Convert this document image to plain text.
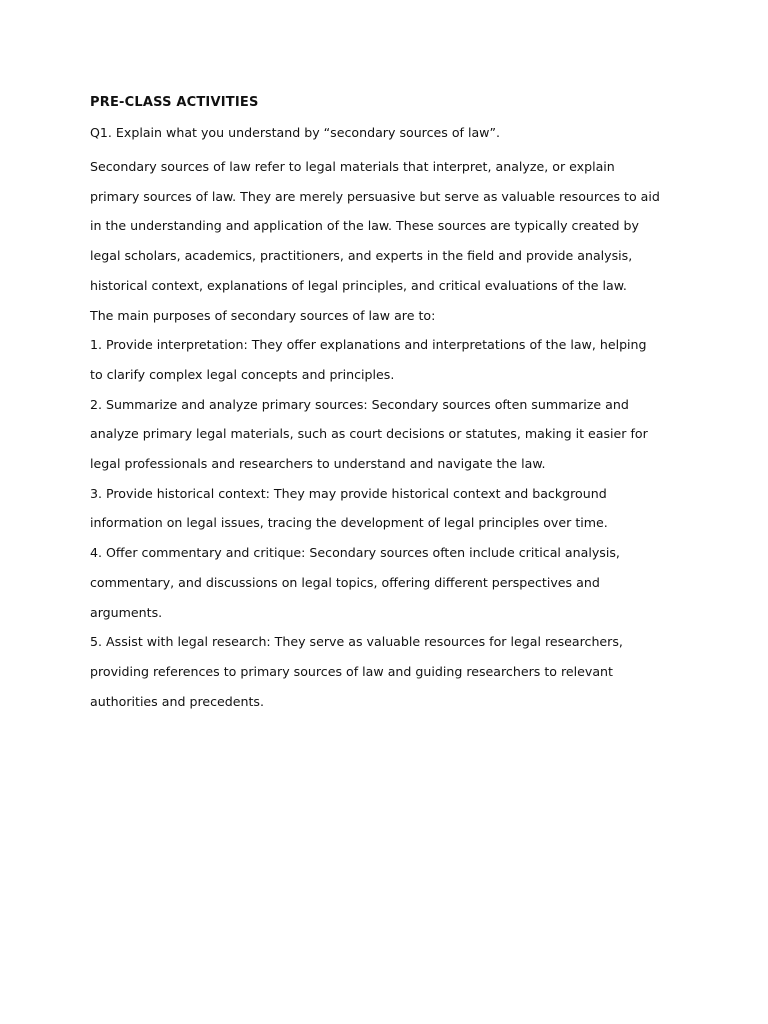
PRE-CLASS ACTIVITIES
Q1. Explain what you understand by “secondary sources of law”.
Secondary sources of law refer to legal materials that interpret, analyze, or explain
primary sources of law. They are merely persuasive but serve as valuable resources to aid
in the understanding and application of the law. These sources are typically created by
legal scholars, academics, practitioners, and experts in the field and provide analysis,
historical context, explanations of legal principles, and critical evaluations of the law.
The main purposes of secondary sources of law are to:
1. Provide interpretation: They offer explanations and interpretations of the law, helping
to clarify complex legal concepts and principles.
2. Summarize and analyze primary sources: Secondary sources often summarize and
analyze primary legal materials, such as court decisions or statutes, making it easier for
legal professionals and researchers to understand and navigate the law.
3. Provide historical context: They may provide historical context and background
information on legal issues, tracing the development of legal principles over time.
4. Offer commentary and critique: Secondary sources often include critical analysis,
commentary, and discussions on legal topics, offering different perspectives and
arguments.
5. Assist with legal research: They serve as valuable resources for legal researchers,
providing references to primary sources of law and guiding researchers to relevant
authorities and precedents.
